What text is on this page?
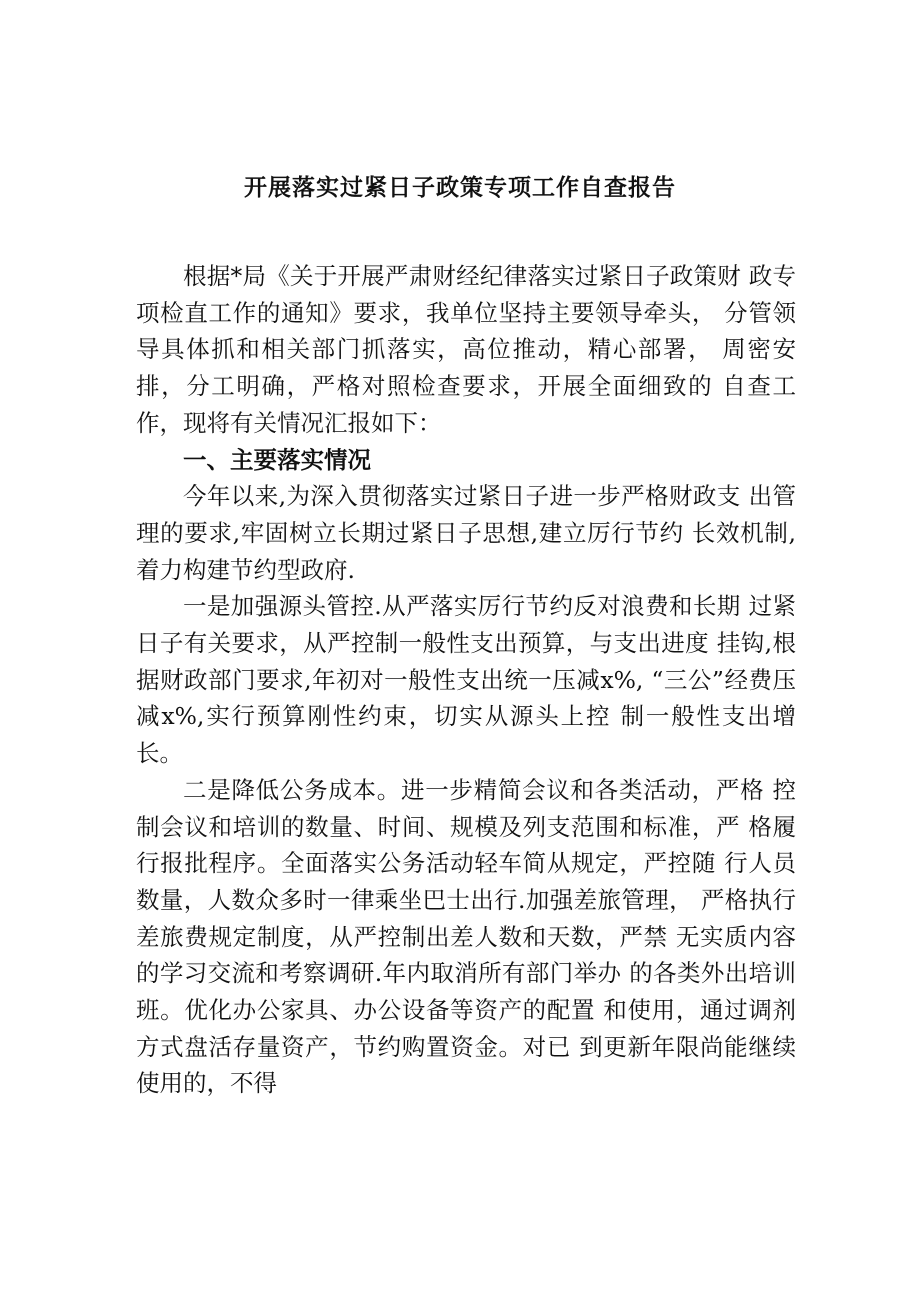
开展落实过紧日子政策专项工作自查报告

根据*局《关于开展严肃财经纪律落实过紧日子政策财 政专项检直工作的通知》要求，我单位坚持主要领导牵头， 分管领导具体抓和相关部门抓落实，高位推动，精心部署， 周密安排，分工明确，严格对照检查要求，开展全面细致的 自查工作，现将有关情况汇报如下：

一、主要落实情况

今年以来,为深入贯彻落实过紧日子进一步严格财政支 出管理的要求,牢固树立长期过紧日子思想,建立厉行节约 长效机制,着力构建节约型政府.

一是加强源头管控.从严落实厉行节约反对浪费和长期 过紧日子有关要求，从严控制一般性支出预算，与支出进度 挂钩,根据财政部门要求,年初对一般性支出统一压减x%, “三公”经费压减x%,实行预算刚性约束，切实从源头上控 制一般性支出增长。

二是降低公务成本。进一步精简会议和各类活动，严格 控制会议和培训的数量、时间、规模及列支范围和标准，严 格履行报批程序。全面落实公务活动轻车简从规定，严控随 行人员数量，人数众多时一律乘坐巴士出行.加强差旅管理， 严格执行差旅费规定制度，从严控制出差人数和天数，严禁 无实质内容的学习交流和考察调研.年内取消所有部门举办 的各类外出培训班。优化办公家具、办公设备等资产的配置 和使用，通过调剂方式盘活存量资产，节约购置资金。对已 到更新年限尚能继续使用的，不得
